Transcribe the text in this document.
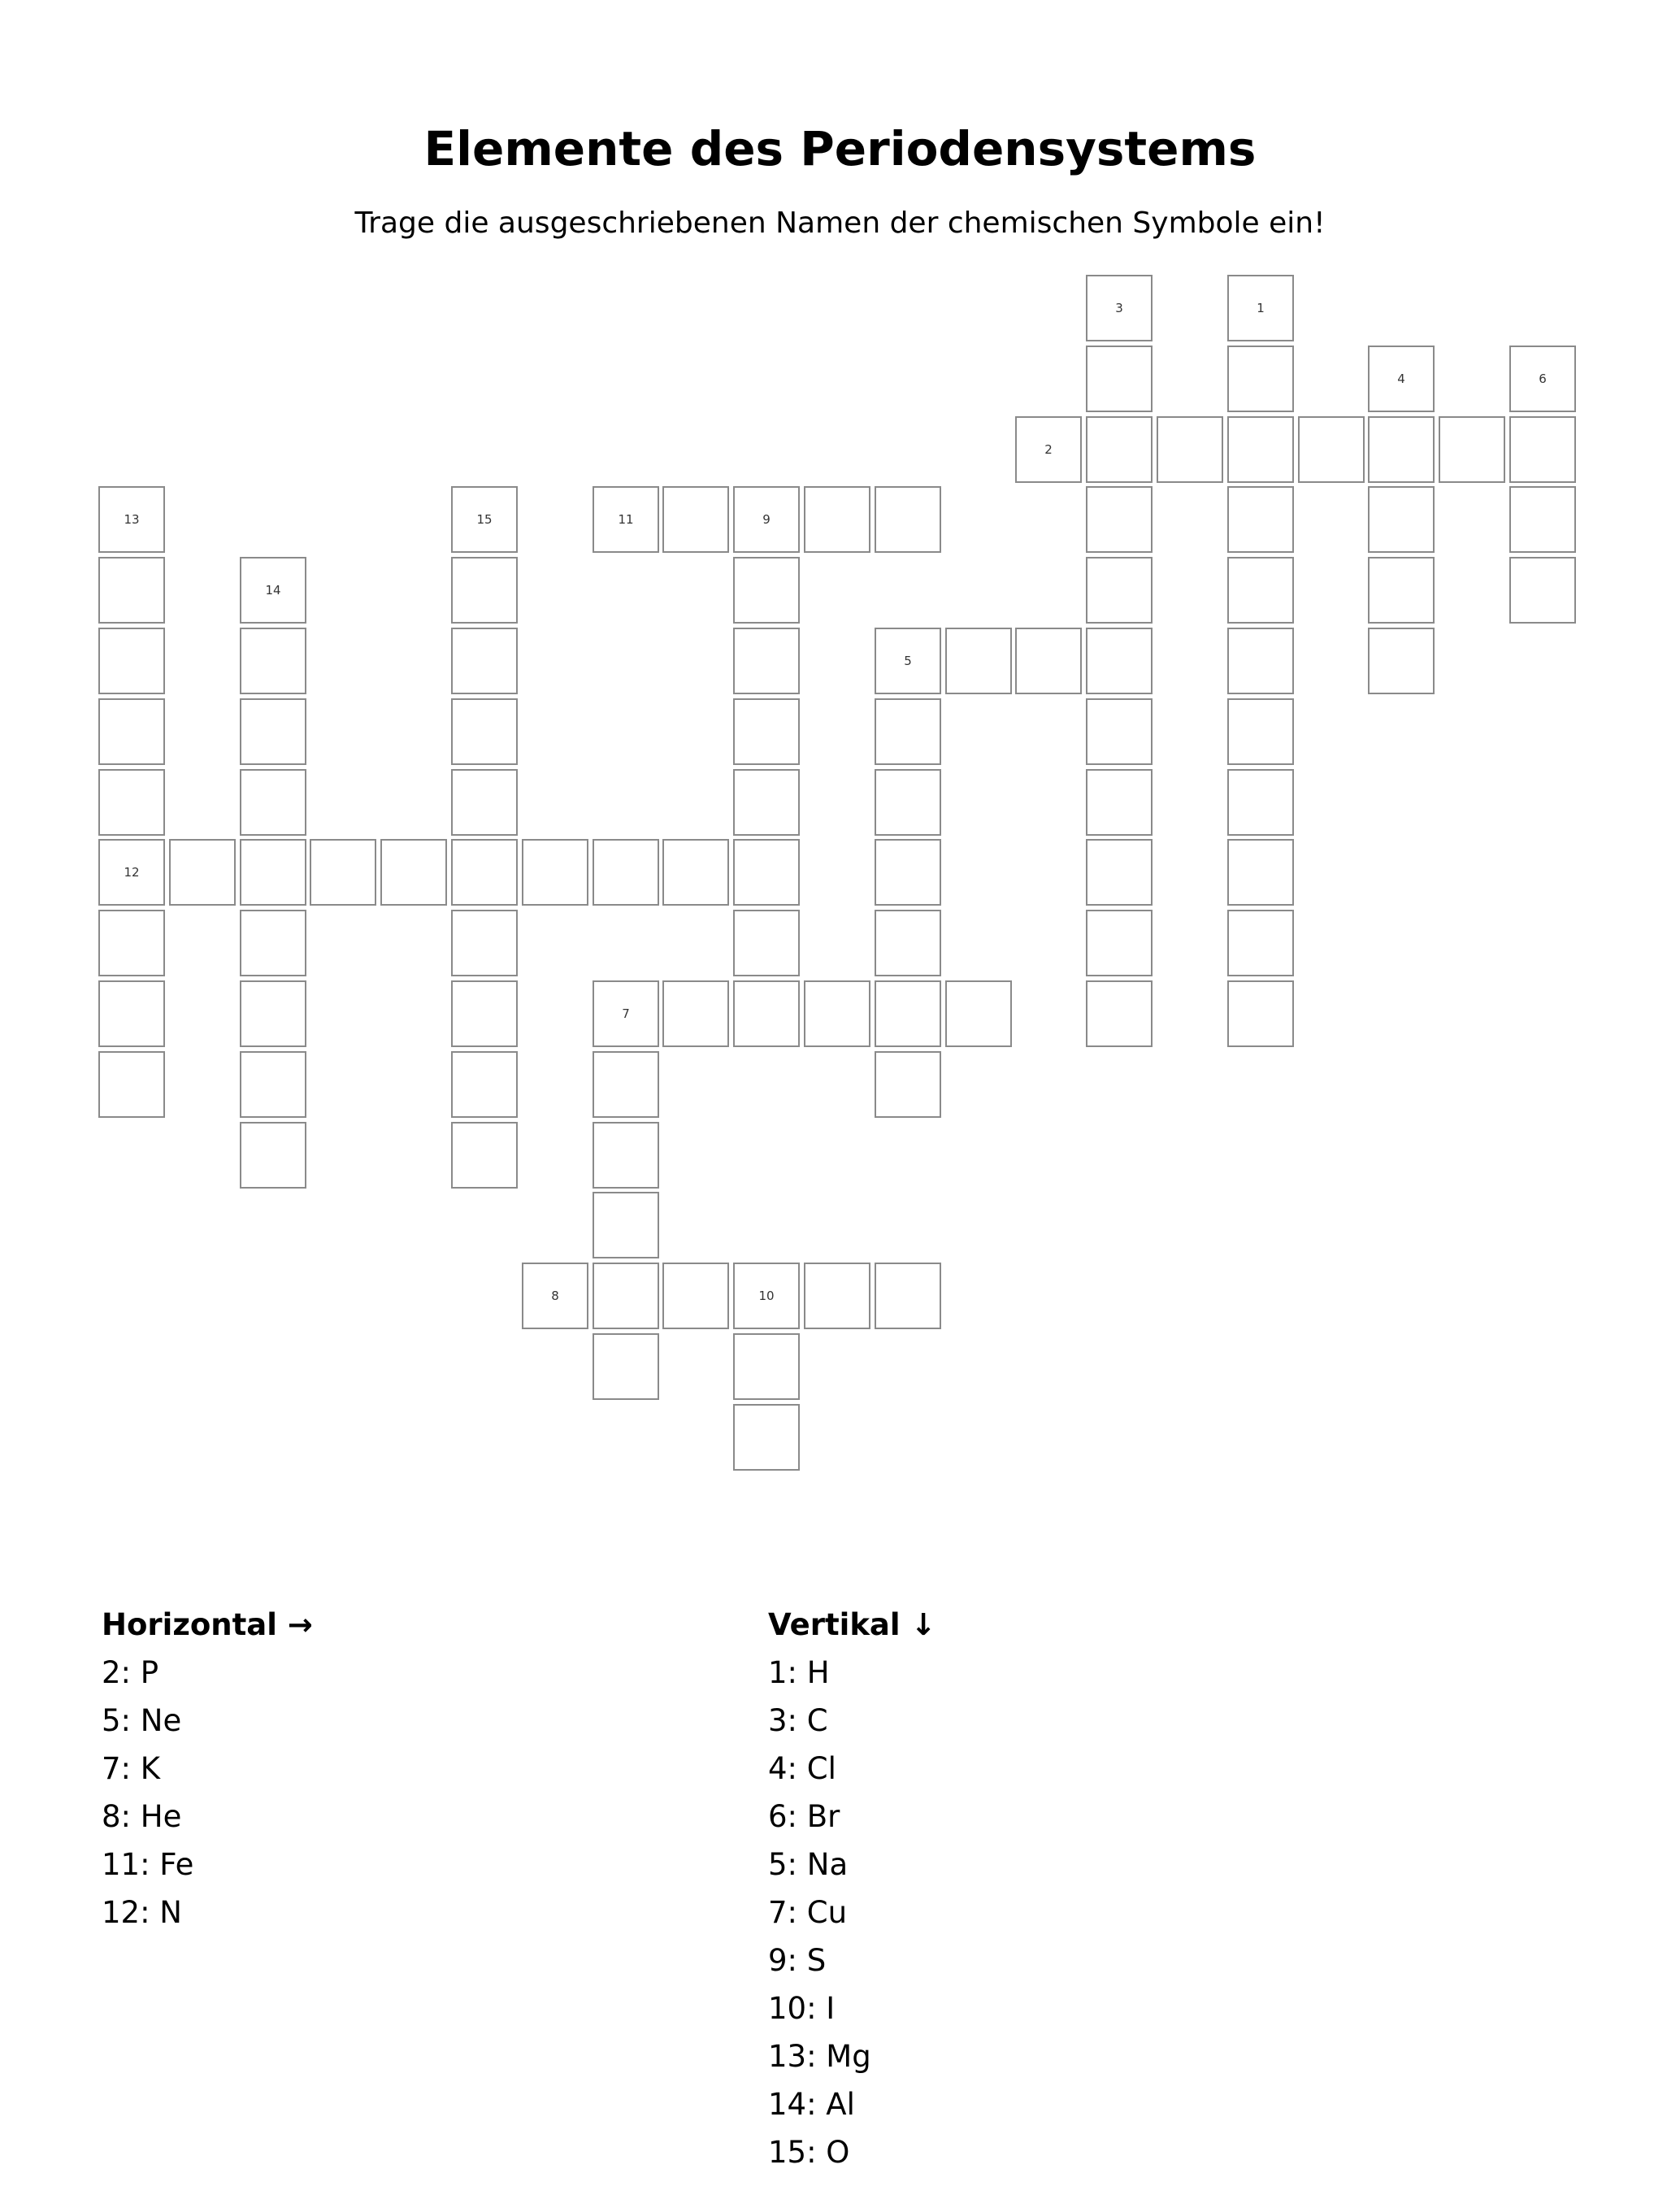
Elemente des Periodensystems

Trage die ausgeschriebenen Namen der chemischen Symbole ein!

1
2
3
4
5
6
7
8	10
9
11
12
13
14
15
Horizontal →
2: P
5: Ne
7: K
8: He
11: Fe
12: N
Vertikal ↓
1: H
3: C
4: Cl
6: Br
5: Na
7: Cu
9: S
10: I
13: Mg
14: Al
15: O
